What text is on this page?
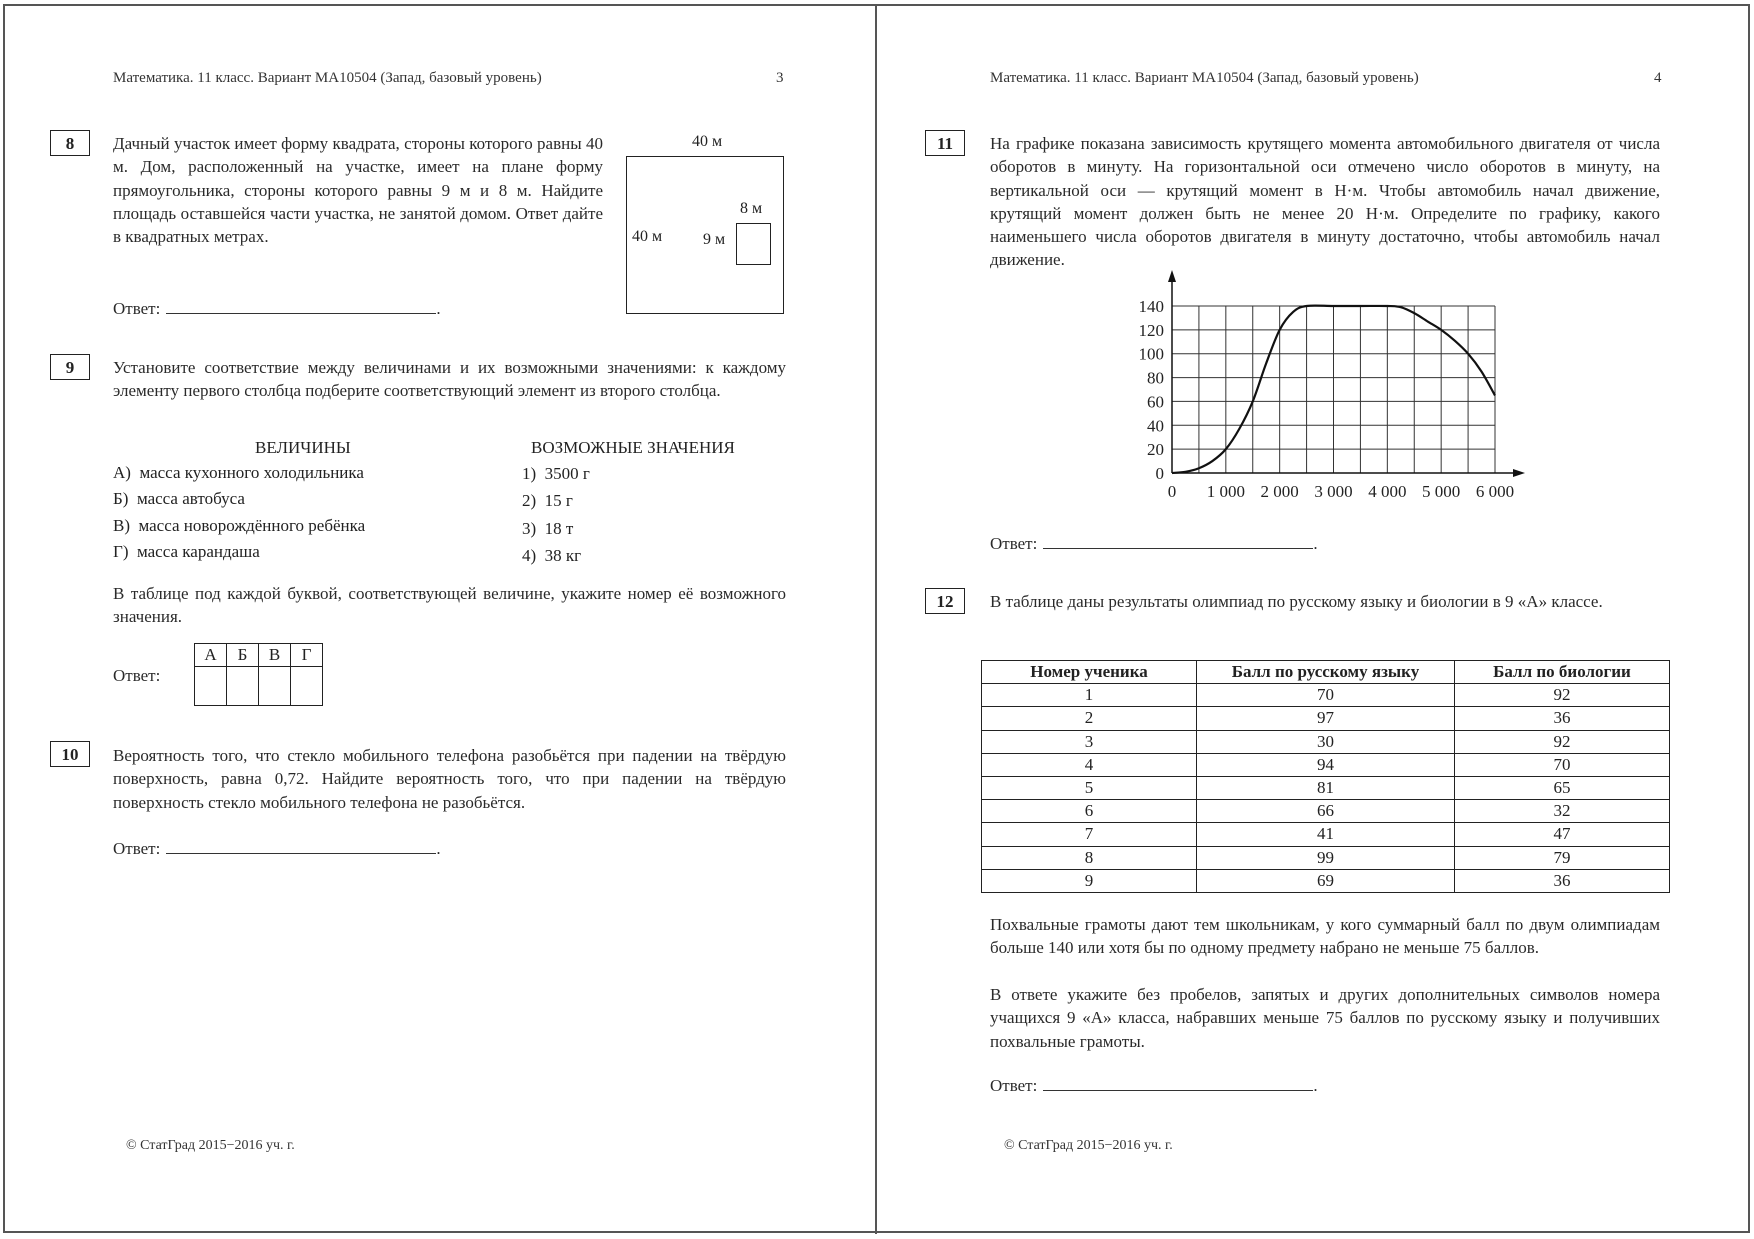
Математика. 11 класс. Вариант МА10504 (Запад, базовый уровень)	3
8	Дачный участок имеет форму квадрата, стороны которого равны 40 м. Дом, расположенный на участке, имеет на плане форму прямоугольника, стороны которого равны 9 м и 8 м. Найдите площадь оставшейся части участка, не занятой домом. Ответ дайте в квадратных метрах.
40 м
40 м
8 м
9 м
Ответ:	.
9	Установите соответствие между величинами и их возможными значениями: к каждому элементу первого столбца подберите соответствующий элемент из второго столбца.
ВЕЛИЧИНЫ	ВОЗМОЖНЫЕ ЗНАЧЕНИЯ
А) масса кухонного холодильника
Б) масса автобуса
В) масса новорождённого ребёнка
Г) масса карандаша
1) 3500 г
2) 15 г
3) 18 т
4) 38 кг
В таблице под каждой буквой, соответствующей величине, укажите номер её возможного значения.
Ответ:
А	Б	В	Г

10	Вероятность того, что стекло мобильного телефона разобьётся при падении на твёрдую поверхность, равна 0,72. Найдите вероятность того, что при падении на твёрдую поверхность стекло мобильного телефона не разобьётся.
Ответ:	.
© СтатГрад 2015−2016 уч. г.
Математика. 11 класс. Вариант МА10504 (Запад, базовый уровень)	4
11	На графике показана зависимость крутящего момента автомобильного двигателя от числа оборотов в минуту. На горизонтальной оси отмечено число оборотов в минуту, на вертикальной оси — крутящий момент в Н·м. Чтобы автомобиль начал движение, крутящий момент должен быть не менее 20 Н·м. Определите по графику, какого наименьшего числа оборотов двигателя в минуту достаточно, чтобы автомобиль начал движение.
0
20
40
60
80
100
120
140
0 1 000 2 000 3 000 4 000 5 000 6 000
Ответ:	.
12	В таблице даны результаты олимпиад по русскому языку и биологии в 9 «А» классе.
Номер ученика	Балл по русскому языку	Балл по биологии
1	70	92
2	97	36
3	30	92
4	94	70
5	81	65
6	66	32
7	41	47
8	99	79
9	69	36
Похвальные грамоты дают тем школьникам, у кого суммарный балл по двум олимпиадам больше 140 или хотя бы по одному предмету набрано не меньше 75 баллов.
В ответе укажите без пробелов, запятых и других дополнительных символов номера учащихся 9 «А» класса, набравших меньше 75 баллов по русскому языку и получивших похвальные грамоты.
Ответ:	.
© СтатГрад 2015−2016 уч. г.
